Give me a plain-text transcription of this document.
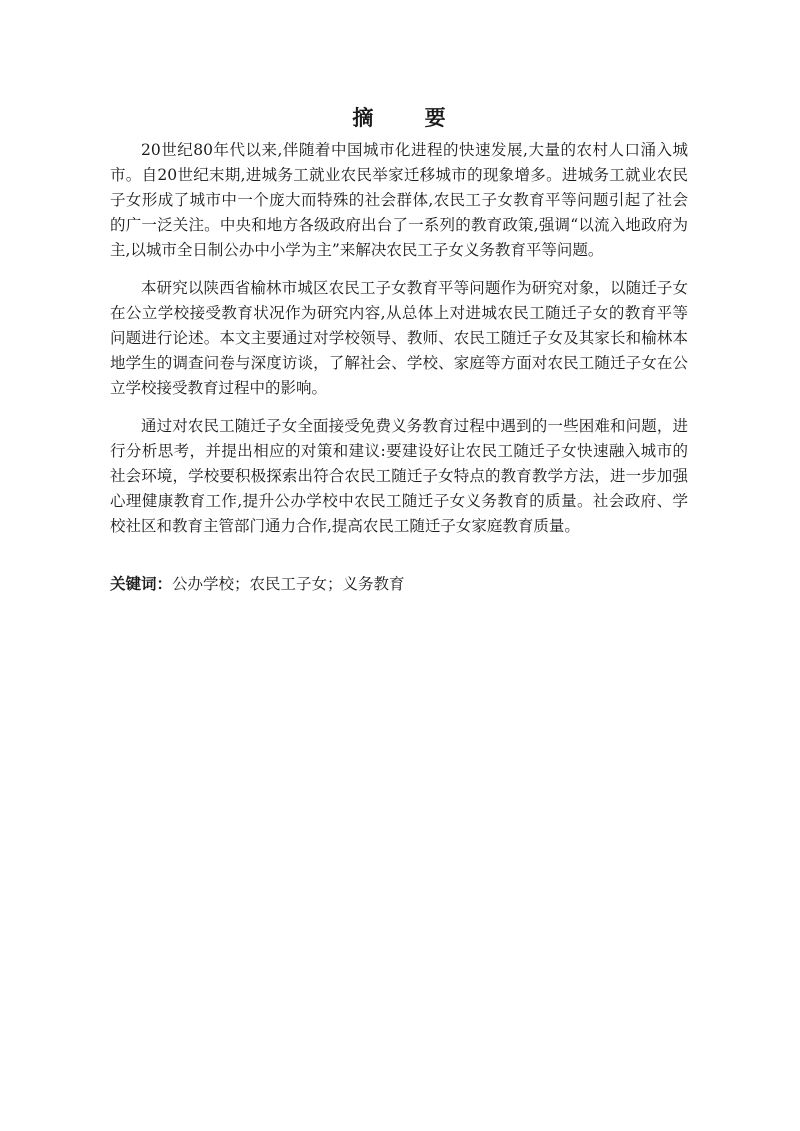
摘 要

20世纪80年代以来,伴随着中国城市化进程的快速发展,大量的农村人口涌入城市。自20世纪末期,进城务工就业农民举家迁移城市的现象增多。进城务工就业农民子女形成了城市中一个庞大而特殊的社会群体,农民工子女教育平等问题引起了社会的广一泛关注。中央和地方各级政府出台了一系列的教育政策,强调“以流入地政府为主,以城市全日制公办中小学为主”来解决农民工子女义务教育平等问题。

本研究以陕西省榆林市城区农民工子女教育平等问题作为研究对象，以随迁子女在公立学校接受教育状况作为研究内容,从总体上对进城农民工随迁子女的教育平等问题进行论述。本文主要通过对学校领导、教师、农民工随迁子女及其家长和榆林本地学生的调查问卷与深度访谈，了解社会、学校、家庭等方面对农民工随迁子女在公立学校接受教育过程中的影响。

通过对农民工随迁子女全面接受免费义务教育过程中遇到的一些困难和问题，进行分析思考，并提出相应的对策和建议:要建设好让农民工随迁子女快速融入城市的社会环境，学校要积极探索出符合农民工随迁子女特点的教育教学方法，进一步加强心理健康教育工作,提升公办学校中农民工随迁子女义务教育的质量。社会政府、学校社区和教育主管部门通力合作,提高农民工随迁子女家庭教育质量。

关键词：公办学校；农民工子女；义务教育
